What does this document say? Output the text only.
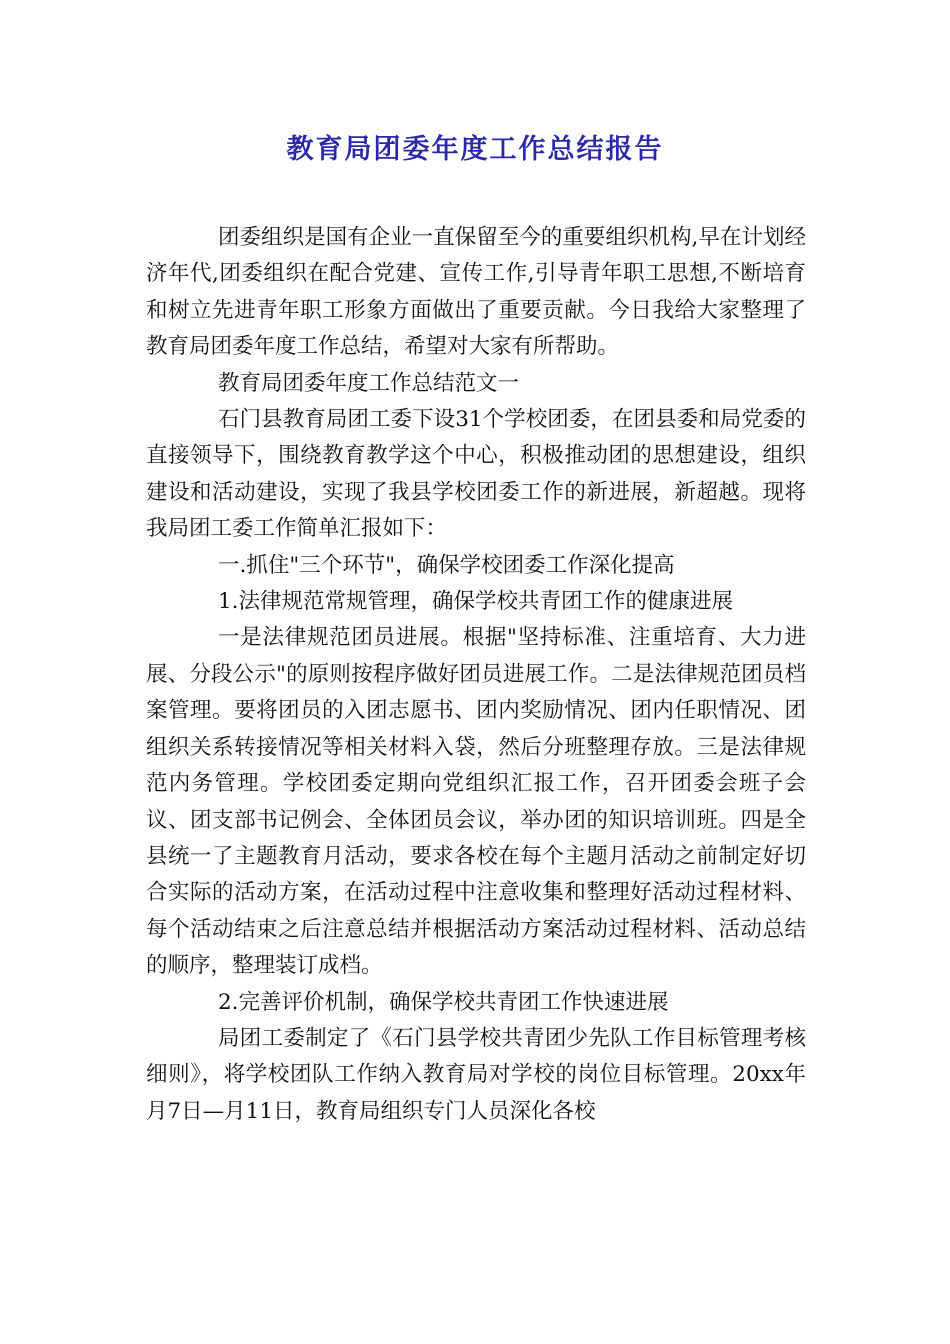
教育局团委年度工作总结报告

团委组织是国有企业一直保留至今的重要组织机构,早在计划经济年代,团委组织在配合党建、宣传工作,引导青年职工思想,不断培育和树立先进青年职工形象方面做出了重要贡献。今日我给大家整理了教育局团委年度工作总结，希望对大家有所帮助。

教育局团委年度工作总结范文一

石门县教育局团工委下设31个学校团委，在团县委和局党委的直接领导下，围绕教育教学这个中心，积极推动团的思想建设，组织建设和活动建设，实现了我县学校团委工作的新进展，新超越。现将我局团工委工作简单汇报如下：

一.抓住"三个环节"，确保学校团委工作深化提高

1.法律规范常规管理，确保学校共青团工作的健康进展

一是法律规范团员进展。根据"坚持标准、注重培育、大力进展、分段公示"的原则按程序做好团员进展工作。二是法律规范团员档案管理。要将团员的入团志愿书、团内奖励情况、团内任职情况、团组织关系转接情况等相关材料入袋，然后分班整理存放。三是法律规范内务管理。学校团委定期向党组织汇报工作，召开团委会班子会议、团支部书记例会、全体团员会议，举办团的知识培训班。四是全县统一了主题教育月活动，要求各校在每个主题月活动之前制定好切合实际的活动方案，在活动过程中注意收集和整理好活动过程材料、每个活动结束之后注意总结并根据活动方案活动过程材料、活动总结的顺序，整理装订成档。

2.完善评价机制，确保学校共青团工作快速进展

局团工委制定了《石门县学校共青团少先队工作目标管理考核细则》，将学校团队工作纳入教育局对学校的岗位目标管理。20xx年月7日—月11日，教育局组织专门人员深化各校
